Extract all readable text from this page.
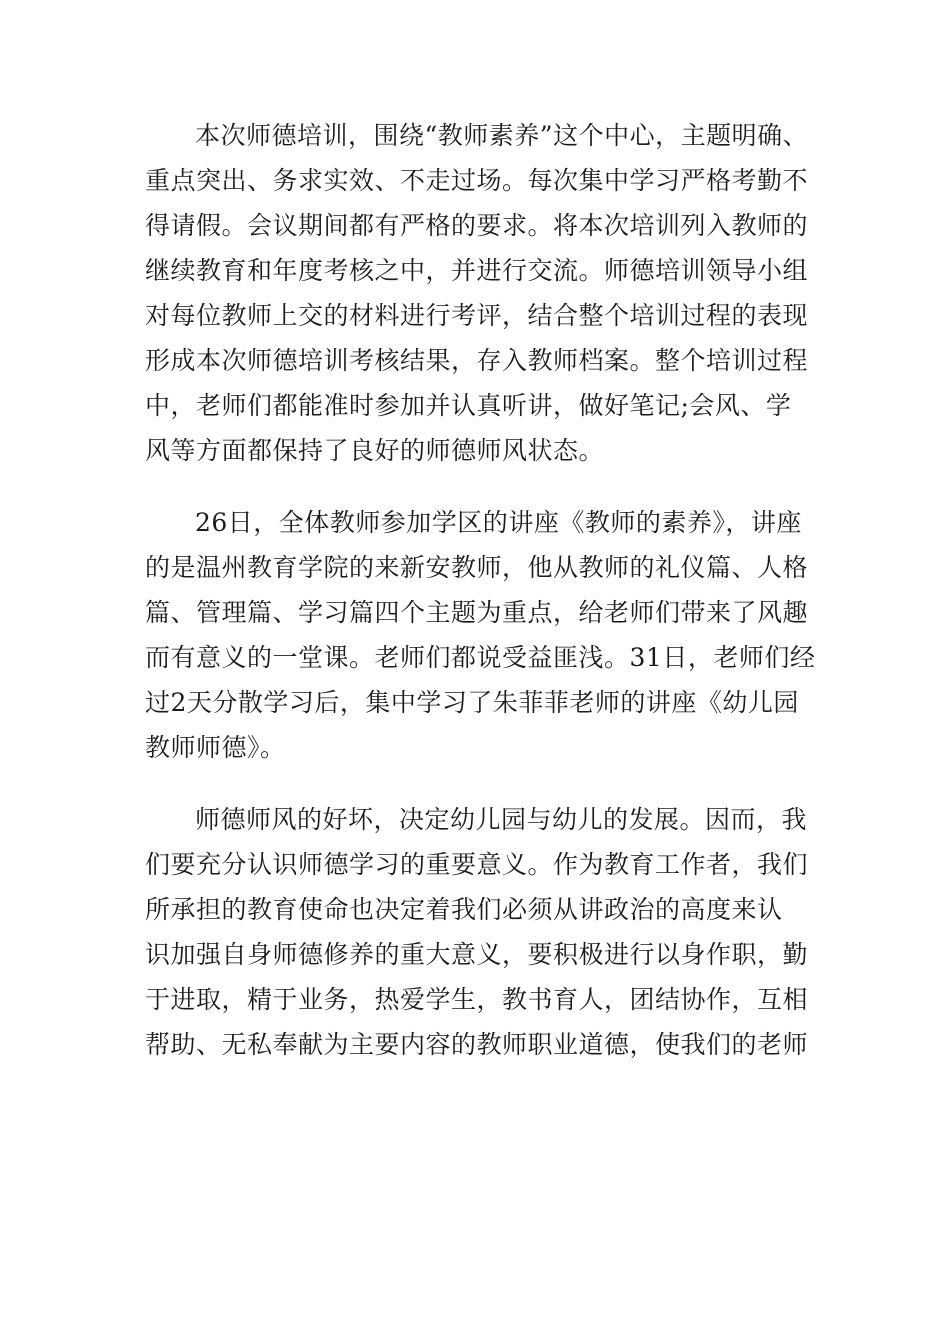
本次师德培训，围绕“教师素养”这个中心，主题明确、
重点突出、务求实效、不走过场。每次集中学习严格考勤不
得请假。会议期间都有严格的要求。将本次培训列入教师的
继续教育和年度考核之中，并进行交流。师德培训领导小组
对每位教师上交的材料进行考评，结合整个培训过程的表现
形成本次师德培训考核结果，存入教师档案。整个培训过程
中，老师们都能准时参加并认真听讲，做好笔记;会风、学
风等方面都保持了良好的师德师风状态。

26日，全体教师参加学区的讲座《教师的素养》，讲座
的是温州教育学院的来新安教师，他从教师的礼仪篇、人格
篇、管理篇、学习篇四个主题为重点，给老师们带来了风趣
而有意义的一堂课。老师们都说受益匪浅。31日，老师们经
过2天分散学习后，集中学习了朱菲菲老师的讲座《幼儿园
教师师德》。

师德师风的好坏，决定幼儿园与幼儿的发展。因而，我
们要充分认识师德学习的重要意义。作为教育工作者，我们
所承担的教育使命也决定着我们必须从讲政治的高度来认
识加强自身师德修养的重大意义，要积极进行以身作职，勤
于进取，精于业务，热爱学生，教书育人，团结协作，互相
帮助、无私奉献为主要内容的教师职业道德，使我们的老师
